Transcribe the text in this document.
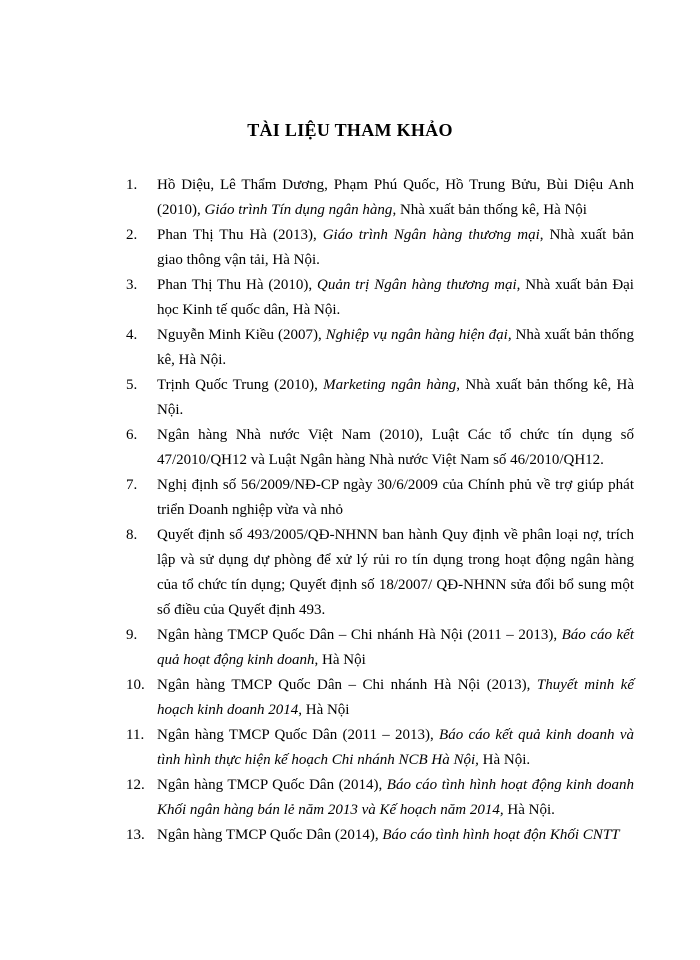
TÀI LIỆU THAM KHẢO
1. Hồ Diệu, Lê Thẩm Dương, Phạm Phú Quốc, Hồ Trung Bửu, Bùi Diệu Anh (2010), Giáo trình Tín dụng ngân hàng, Nhà xuất bản thống kê, Hà Nội
2. Phan Thị Thu Hà (2013), Giáo trình Ngân hàng thương mại, Nhà xuất bản giao thông vận tải, Hà Nội.
3. Phan Thị Thu Hà (2010), Quản trị Ngân hàng thương mại, Nhà xuất bản Đại học Kinh tế quốc dân, Hà Nội.
4. Nguyễn Minh Kiều (2007), Nghiệp vụ ngân hàng hiện đại, Nhà xuất bản thống kê, Hà Nội.
5. Trịnh Quốc Trung (2010), Marketing ngân hàng, Nhà xuất bản thống kê, Hà Nội.
6. Ngân hàng Nhà nước Việt Nam (2010), Luật Các tổ chức tín dụng số 47/2010/QH12 và Luật Ngân hàng Nhà nước Việt Nam số 46/2010/QH12.
7. Nghị định số 56/2009/NĐ-CP ngày 30/6/2009 của Chính phủ về trợ giúp phát triển Doanh nghiệp vừa và nhỏ
8. Quyết định số 493/2005/QĐ-NHNN ban hành Quy định về phân loại nợ, trích lập và sử dụng dự phòng để xử lý rủi ro tín dụng trong hoạt động ngân hàng của tổ chức tín dụng; Quyết định số 18/2007/ QĐ-NHNN sửa đổi bổ sung một số điều của Quyết định 493.
9. Ngân hàng TMCP Quốc Dân – Chi nhánh Hà Nội (2011 – 2013), Báo cáo kết quả hoạt động kinh doanh, Hà Nội
10. Ngân hàng TMCP Quốc Dân – Chi nhánh Hà Nội (2013), Thuyết minh kế hoạch kinh doanh 2014, Hà Nội
11. Ngân hàng TMCP Quốc Dân (2011 – 2013), Báo cáo kết quả kinh doanh và tình hình thực hiện kế hoạch Chi nhánh NCB Hà Nội, Hà Nội.
12. Ngân hàng TMCP Quốc Dân (2014), Báo cáo tình hình hoạt động kinh doanh Khối ngân hàng bán lẻ năm 2013 và Kế hoạch năm 2014, Hà Nội.
13. Ngân hàng TMCP Quốc Dân (2014), Báo cáo tình hình hoạt độn Khối CNTT
